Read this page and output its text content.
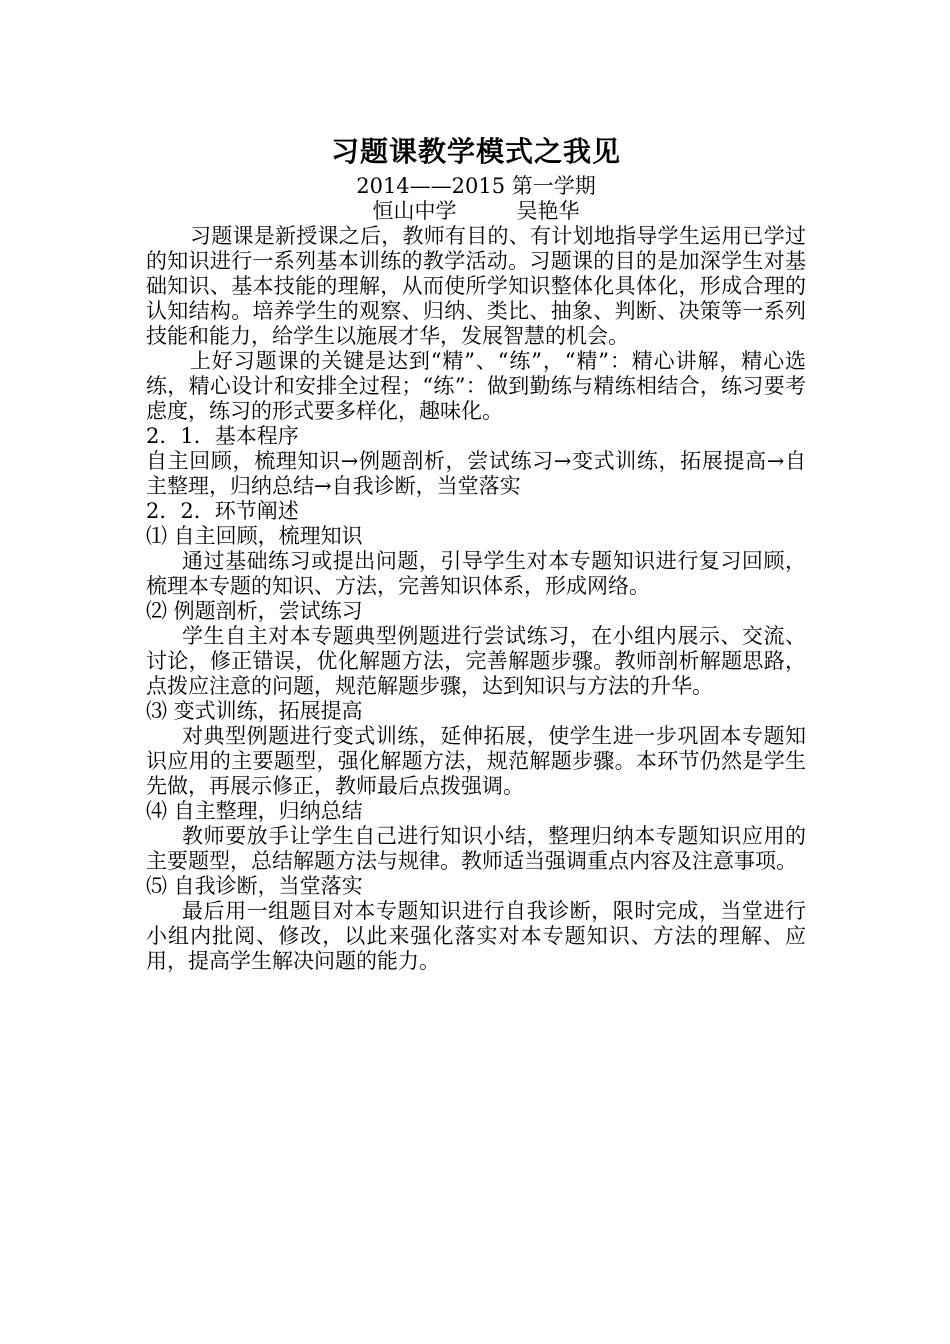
习题课教学模式之我见

2014——2015 第一学期

恒山中学	吴艳华

习题课是新授课之后，教师有目的、有计划地指导学生运用已学过的知识进行一系列基本训练的教学活动。习题课的目的是加深学生对基础知识、基本技能的理解，从而使所学知识整体化具体化，形成合理的认知结构。培养学生的观察、归纳、类比、抽象、判断、决策等一系列技能和能力，给学生以施展才华，发展智慧的机会。

上好习题课的关键是达到“精”、“练”，“精”：精心讲解，精心选练，精心设计和安排全过程；“练”：做到勤练与精练相结合，练习要考虑度，练习的形式要多样化，趣味化。

2．1．基本程序

自主回顾，梳理知识→例题剖析，尝试练习→变式训练，拓展提高→自主整理，归纳总结→自我诊断，当堂落实

2．2．环节阐述

⑴ 自主回顾，梳理知识

通过基础练习或提出问题，引导学生对本专题知识进行复习回顾，梳理本专题的知识、方法，完善知识体系，形成网络。

⑵ 例题剖析，尝试练习

学生自主对本专题典型例题进行尝试练习，在小组内展示、交流、讨论，修正错误，优化解题方法，完善解题步骤。教师剖析解题思路，点拨应注意的问题，规范解题步骤，达到知识与方法的升华。

⑶ 变式训练，拓展提高

对典型例题进行变式训练，延伸拓展，使学生进一步巩固本专题知识应用的主要题型，强化解题方法，规范解题步骤。本环节仍然是学生先做，再展示修正，教师最后点拨强调。

⑷ 自主整理，归纳总结

教师要放手让学生自己进行知识小结，整理归纳本专题知识应用的主要题型，总结解题方法与规律。教师适当强调重点内容及注意事项。

⑸ 自我诊断，当堂落实

最后用一组题目对本专题知识进行自我诊断，限时完成，当堂进行小组内批阅、修改，以此来强化落实对本专题知识、方法的理解、应用，提高学生解决问题的能力。
